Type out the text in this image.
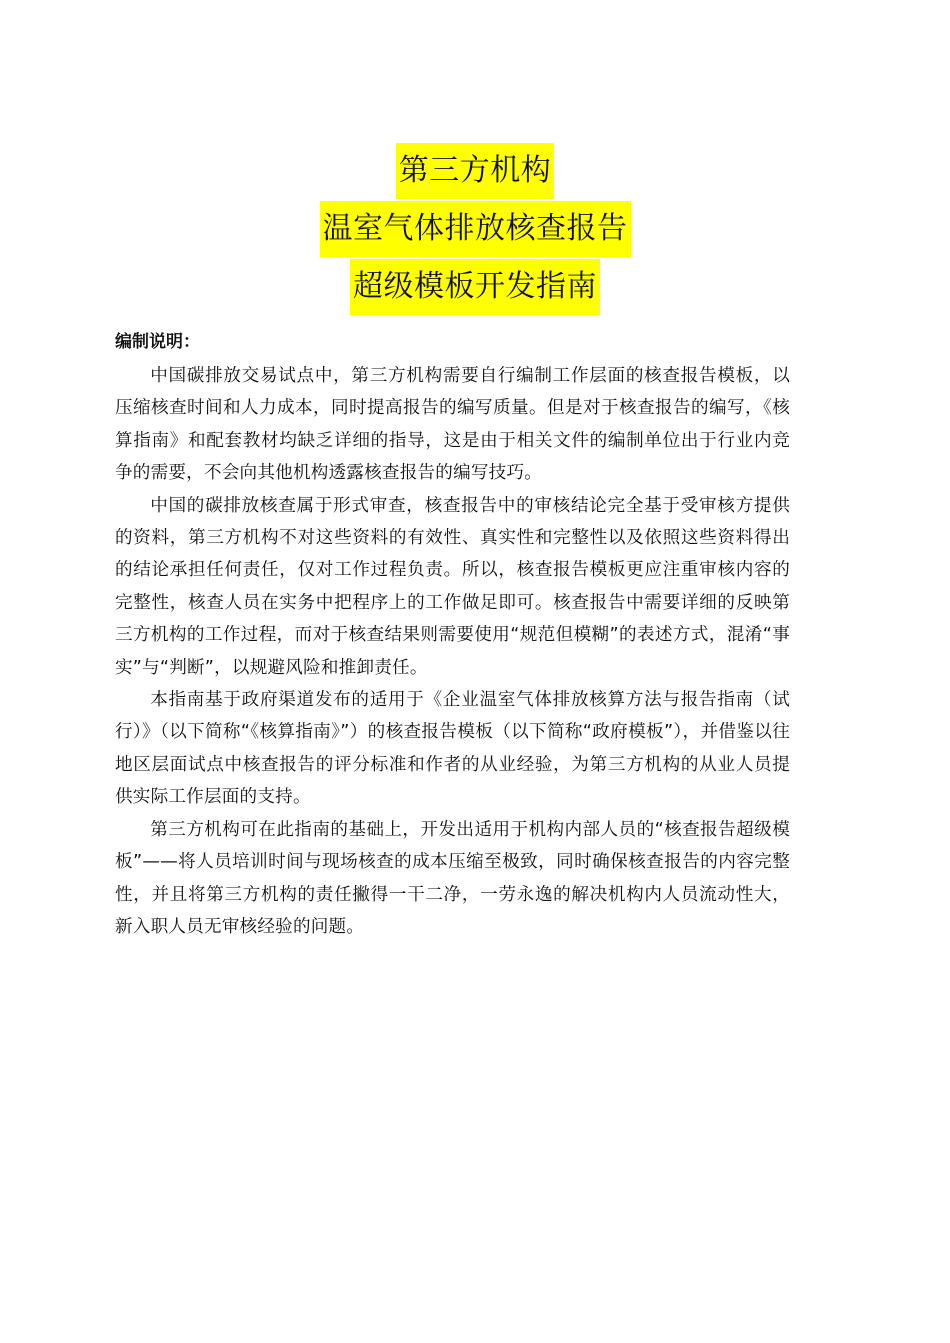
第三方机构
温室气体排放核查报告
超级模板开发指南
编制说明：

中国碳排放交易试点中，第三方机构需要自行编制工作层面的核查报告模板，以压缩核查时间和人力成本，同时提高报告的编写质量。但是对于核查报告的编写，《核算指南》和配套教材均缺乏详细的指导，这是由于相关文件的编制单位出于行业内竞争的需要，不会向其他机构透露核查报告的编写技巧。

中国的碳排放核查属于形式审查，核查报告中的审核结论完全基于受审核方提供的资料，第三方机构不对这些资料的有效性、真实性和完整性以及依照这些资料得出的结论承担任何责任，仅对工作过程负责。所以，核查报告模板更应注重审核内容的完整性，核查人员在实务中把程序上的工作做足即可。核查报告中需要详细的反映第三方机构的工作过程，而对于核查结果则需要使用“规范但模糊”的表述方式，混淆“事实”与“判断”，以规避风险和推卸责任。

本指南基于政府渠道发布的适用于《企业温室气体排放核算方法与报告指南（试行）》（以下简称“《核算指南》”）的核查报告模板（以下简称“政府模板”），并借鉴以往地区层面试点中核查报告的评分标准和作者的从业经验，为第三方机构的从业人员提供实际工作层面的支持。

第三方机构可在此指南的基础上，开发出适用于机构内部人员的“核查报告超级模板”——将人员培训时间与现场核查的成本压缩至极致，同时确保核查报告的内容完整性，并且将第三方机构的责任撇得一干二净，一劳永逸的解决机构内人员流动性大，新入职人员无审核经验的问题。
